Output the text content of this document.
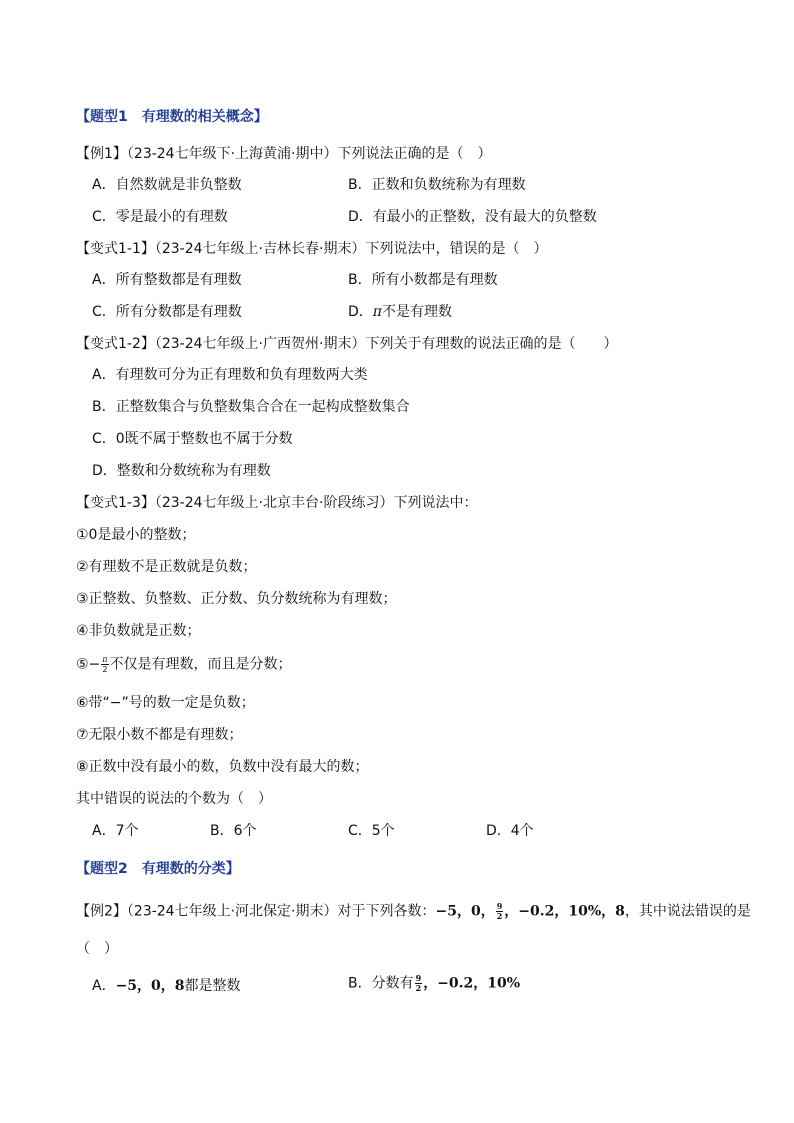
【题型1　有理数的相关概念】
【例1】（23-24七年级下·上海黄浦·期中）下列说法正确的是（　）
A．自然数就是非负整数	B．正数和负数统称为有理数
C．零是最小的有理数	D．有最小的正整数，没有最大的负整数
【变式1-1】（23-24七年级上·吉林长春·期末）下列说法中，错误的是（　）
A．所有整数都是有理数	B．所有小数都是有理数
C．所有分数都是有理数	D．π不是有理数
【变式1-2】（23-24七年级上·广西贺州·期末）下列关于有理数的说法正确的是（　　）
A．有理数可分为正有理数和负有理数两大类
B．正整数集合与负整数集合合在一起构成整数集合
C．0既不属于整数也不属于分数
D．整数和分数统称为有理数
【变式1-3】（23-24七年级上·北京丰台·阶段练习）下列说法中：
①0是最小的整数；
②有理数不是正数就是负数；
③正整数、负整数、正分数、负分数统称为有理数；
④非负数就是正数；
⑤− $\frac{\pi}{2}$ 不仅是有理数，而且是分数；
⑥带“−”号的数一定是负数；
⑦无限小数不都是有理数；
⑧正数中没有最小的数，负数中没有最大的数；
其中错误的说法的个数为（　）
A．7个	B．6个	C．5个	D．4个
【题型2　有理数的分类】
【例2】（23-24七年级上·河北保定·期末）对于下列各数：−5，0， $\frac{9}{2}$ ，−0.2，10%，8，其中说法错误的是
（　）
A．−5，0，8都是整数	B．分数有 $\frac{9}{2}$ ，−0.2，10%
